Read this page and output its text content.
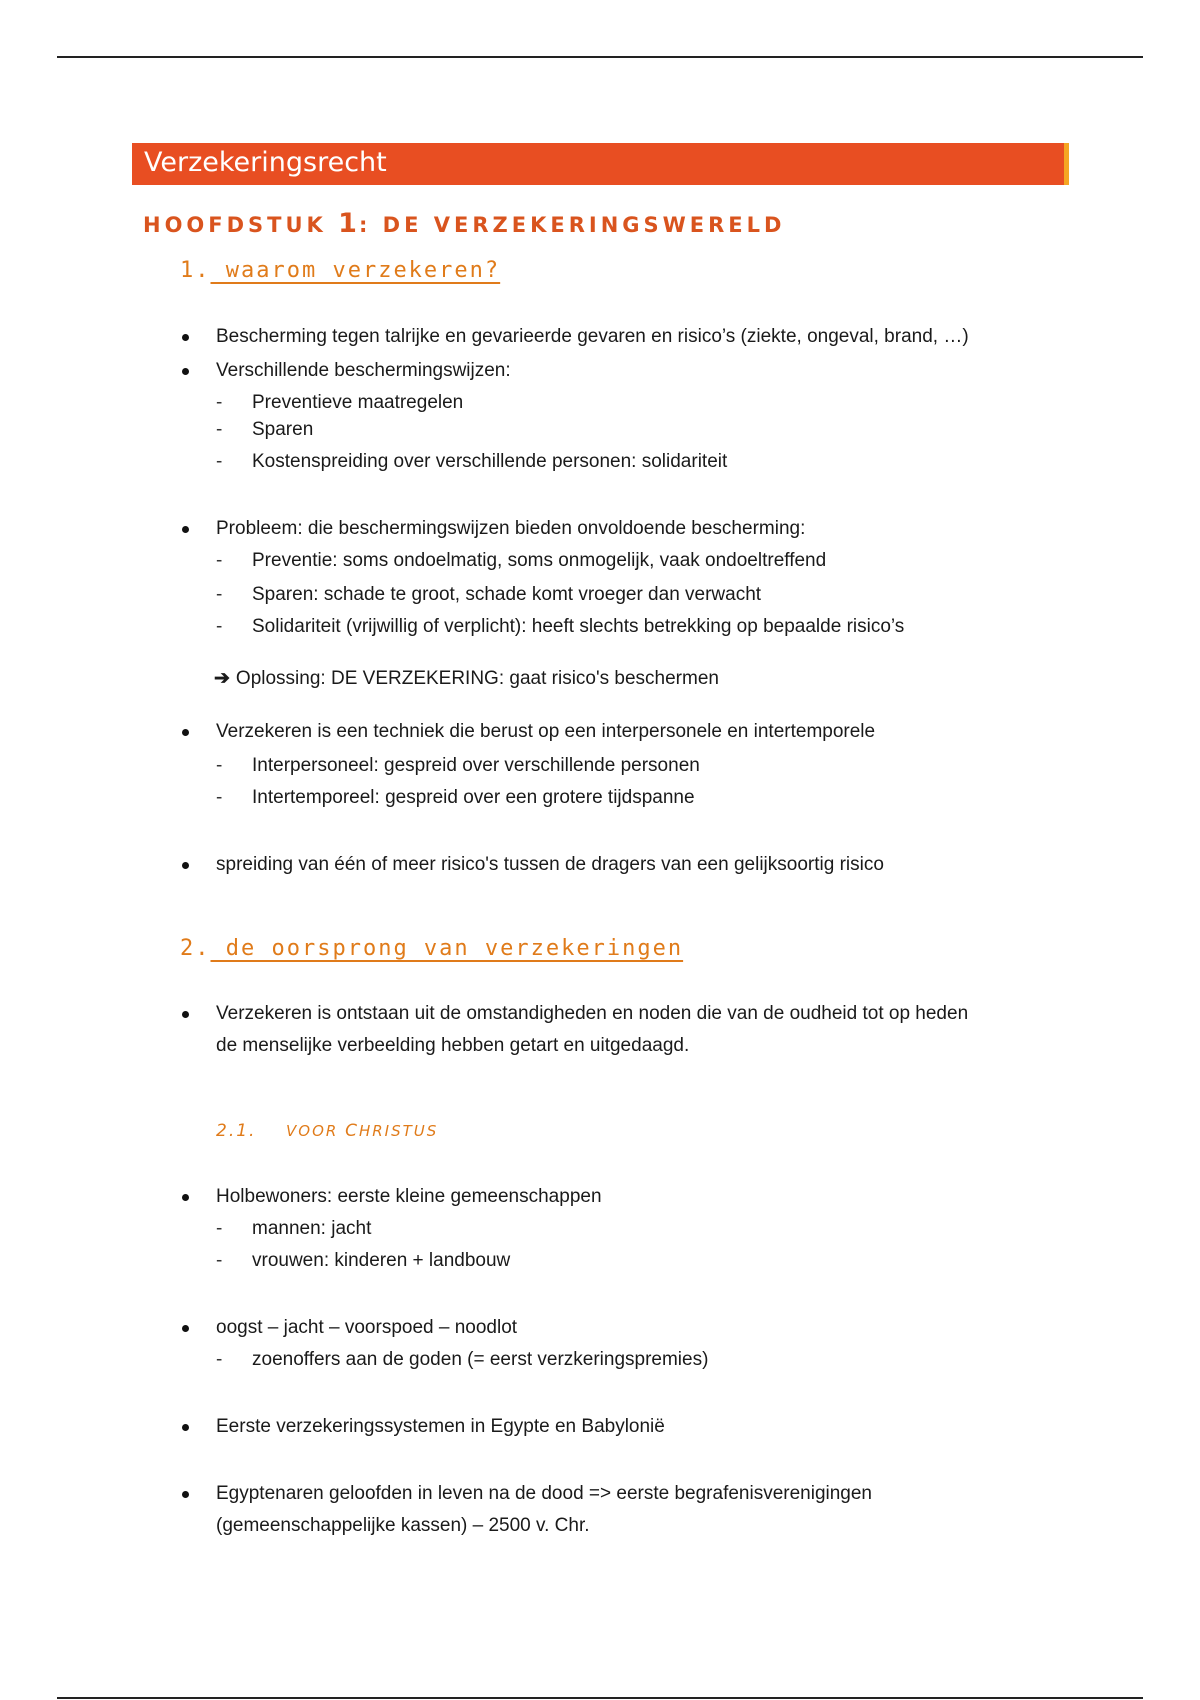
Verzekeringsrecht
HOOFDSTUK 1: DE VERZEKERINGSWERELD
1. waarom verzekeren?
Bescherming tegen talrijke en gevarieerde gevaren en risico’s (ziekte, ongeval, brand, …)
Verschillende beschermingswijzen:
- Preventieve maatregelen
- Sparen
- Kostenspreiding over verschillende personen: solidariteit
Probleem: die beschermingswijzen bieden onvoldoende bescherming:
- Preventie: soms ondoelmatig, soms onmogelijk, vaak ondoeltreffend
- Sparen: schade te groot, schade komt vroeger dan verwacht
- Solidariteit (vrijwillig of verplicht): heeft slechts betrekking op bepaalde risico’s
➔ Oplossing: DE VERZEKERING: gaat risico's beschermen
Verzekeren is een techniek die berust op een interpersonele en intertemporele
- Interpersoneel: gespreid over verschillende personen
- Intertemporeel: gespreid over een grotere tijdspanne
spreiding van één of meer risico's tussen de dragers van een gelijksoortig risico
2. de oorsprong van verzekeringen
Verzekeren is ontstaan uit de omstandigheden en noden die van de oudheid tot op heden
de menselijke verbeelding hebben getart en uitgedaagd.
2.1. VOOR CHRISTUS
Holbewoners: eerste kleine gemeenschappen
- mannen: jacht
- vrouwen: kinderen + landbouw
oogst – jacht – voorspoed – noodlot
- zoenoffers aan de goden (= eerst verzkeringspremies)
Eerste verzekeringssystemen in Egypte en Babylonië
Egyptenaren geloofden in leven na de dood => eerste begrafenisverenigingen
(gemeenschappelijke kassen) – 2500 v. Chr.
